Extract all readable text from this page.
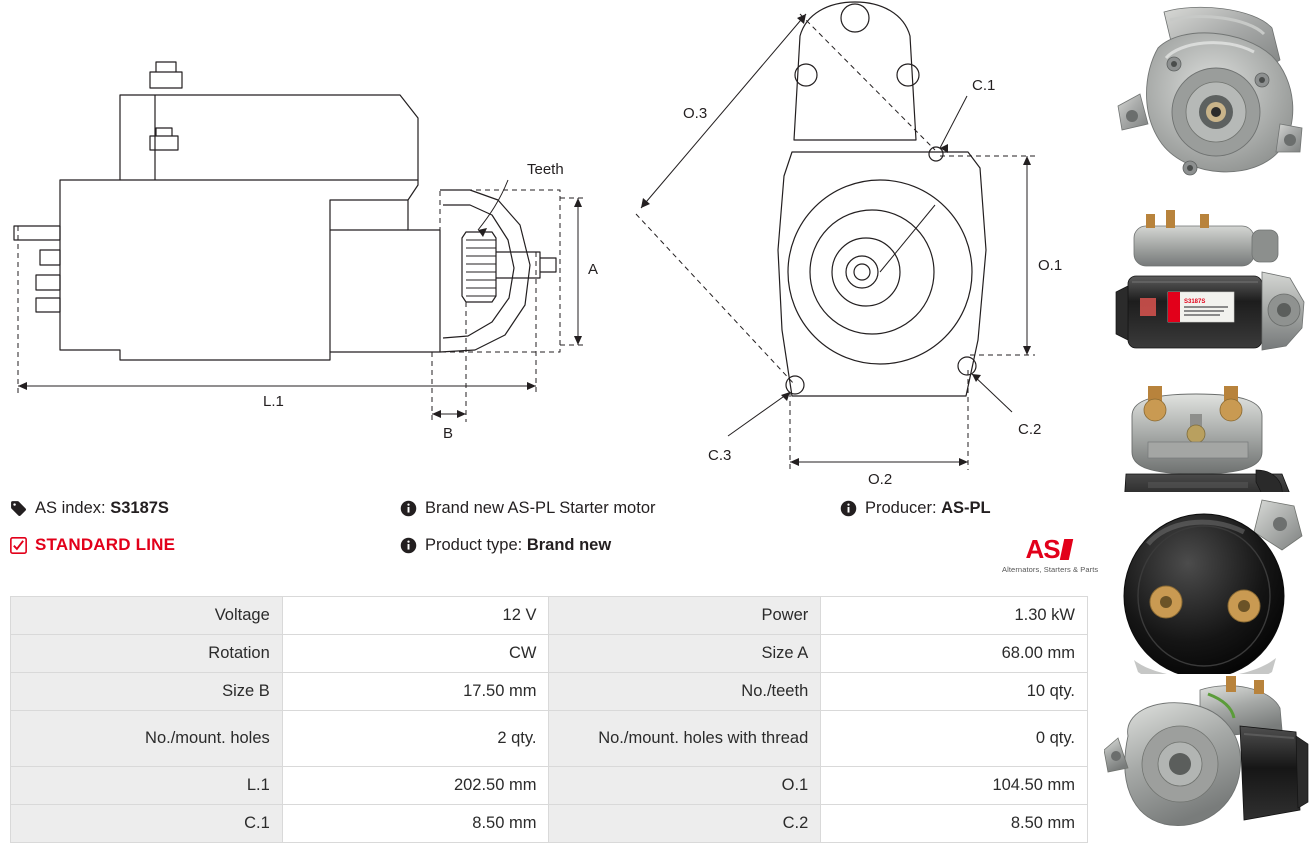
Teeth
A
B
L.1
O.1
O.2
O.3
C.1
C.2
C.3
AS index:
S3187S	Brand new AS-PL Starter motor	Producer:
AS-PL
STANDARD LINE	Product type:
Brand new	AS
Alternators, Starters & Parts
Voltage	12 V	Power	1.30 kW
Rotation	CW	Size A	68.00 mm
Size B	17.50 mm	No./teeth	10 qty.
No./mount. holes	2 qty.	No./mount. holes with thread	0 qty.
L.1	202.50 mm	O.1	104.50 mm
C.1	8.50 mm	C.2	8.50 mm
S3187S
